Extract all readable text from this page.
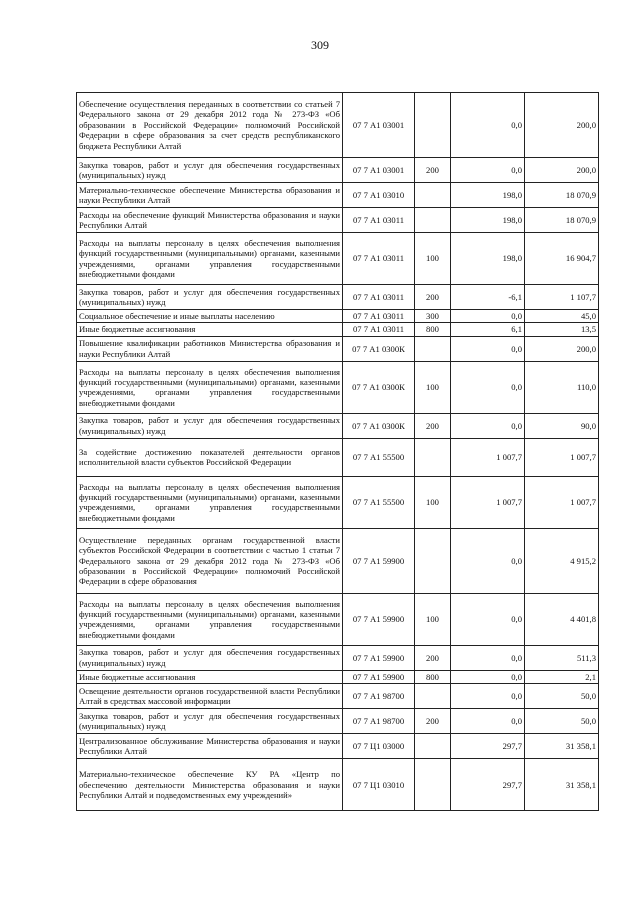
309
Обеспечение осуществления переданных в соответствии со статьей 7 Федерального закона от 29 декабря 2012 года № 273-ФЗ «Об образовании в Российской Федерации» полномочий Российской Федерации в сфере образования за счет средств республиканского бюджета Республики Алтай	07 7 А1 03001		0,0	200,0
Закупка товаров, работ и услуг для обеспечения государственных (муниципальных) нужд	07 7 А1 03001	200	0,0	200,0
Материально-техническое обеспечение Министерства образования и науки Республики Алтай	07 7 А1 03010		198,0	18 070,9
Расходы на обеспечение функций Министерства образования и науки Республики Алтай	07 7 А1 03011		198,0	18 070,9
Расходы на выплаты персоналу в целях обеспечения выполнения функций государственными (муниципальными) органами, казенными учреждениями, органами управления государственными внебюджетными фондами	07 7 А1 03011	100	198,0	16 904,7
Закупка товаров, работ и услуг для обеспечения государственных (муниципальных) нужд	07 7 А1 03011	200	-6,1	1 107,7
Социальное обеспечение и иные выплаты населению	07 7 А1 03011	300	0,0	45,0
Иные бюджетные ассигнования	07 7 А1 03011	800	6,1	13,5
Повышение квалификации работников Министерства образования и науки Республики Алтай	07 7 А1 0300К		0,0	200,0
Расходы на выплаты персоналу в целях обеспечения выполнения функций государственными (муниципальными) органами, казенными учреждениями, органами управления государственными внебюджетными фондами	07 7 А1 0300К	100	0,0	110,0
Закупка товаров, работ и услуг для обеспечения государственных (муниципальных) нужд	07 7 А1 0300К	200	0,0	90,0
За содействие достижению показателей деятельности органов исполнительной власти субъектов Российской Федерации	07 7 А1 55500		1 007,7	1 007,7
Расходы на выплаты персоналу в целях обеспечения выполнения функций государственными (муниципальными) органами, казенными учреждениями, органами управления государственными внебюджетными фондами	07 7 А1 55500	100	1 007,7	1 007,7
Осуществление переданных органам государственной власти субъектов Российской Федерации в соответствии с частью 1 статьи 7 Федерального закона от 29 декабря 2012 года № 273-ФЗ «Об образовании в Российской Федерации» полномочий Российской Федерации в сфере образования	07 7 А1 59900		0,0	4 915,2
Расходы на выплаты персоналу в целях обеспечения выполнения функций государственными (муниципальными) органами, казенными учреждениями, органами управления государственными внебюджетными фондами	07 7 А1 59900	100	0,0	4 401,8
Закупка товаров, работ и услуг для обеспечения государственных (муниципальных) нужд	07 7 А1 59900	200	0,0	511,3
Иные бюджетные ассигнования	07 7 А1 59900	800	0,0	2,1
Освещение деятельности органов государственной власти Республики Алтай в средствах массовой информации	07 7 А1 98700		0,0	50,0
Закупка товаров, работ и услуг для обеспечения государственных (муниципальных) нужд	07 7 А1 98700	200	0,0	50,0
Централизованное обслуживание Министерства образования и науки Республики Алтай	07 7 Ц1 03000		297,7	31 358,1
Материально-техническое обеспечение КУ РА «Центр по обеспечению деятельности Министерства образования и науки Республики Алтай и подведомственных ему учреждений»	07 7 Ц1 03010		297,7	31 358,1
